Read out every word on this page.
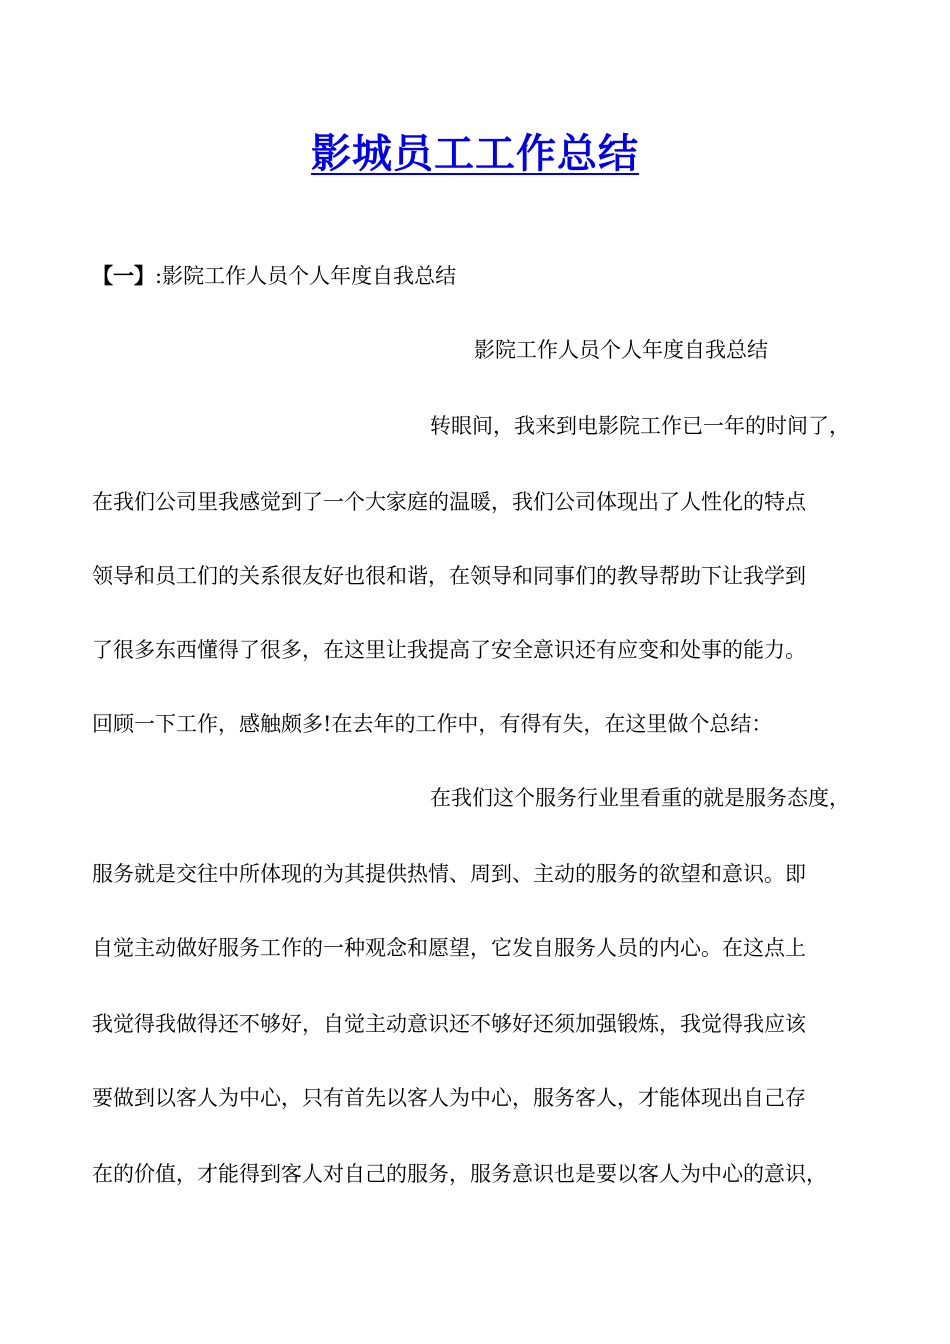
影城员工工作总结
【一】:影院工作人员个人年度自我总结
影院工作人员个人年度自我总结
转眼间，我来到电影院工作已一年的时间了，
在我们公司里我感觉到了一个大家庭的温暖，我们公司体现出了人性化的特点
领导和员工们的关系很友好也很和谐，在领导和同事们的教导帮助下让我学到
了很多东西懂得了很多，在这里让我提高了安全意识还有应变和处事的能力。
回顾一下工作，感触颇多!在去年的工作中，有得有失，在这里做个总结：
在我们这个服务行业里看重的就是服务态度，
服务就是交往中所体现的为其提供热情、周到、主动的服务的欲望和意识。即
自觉主动做好服务工作的一种观念和愿望，它发自服务人员的内心。在这点上
我觉得我做得还不够好，自觉主动意识还不够好还须加强锻炼，我觉得我应该
要做到以客人为中心，只有首先以客人为中心，服务客人，才能体现出自己存
在的价值，才能得到客人对自己的服务，服务意识也是要以客人为中心的意识，
